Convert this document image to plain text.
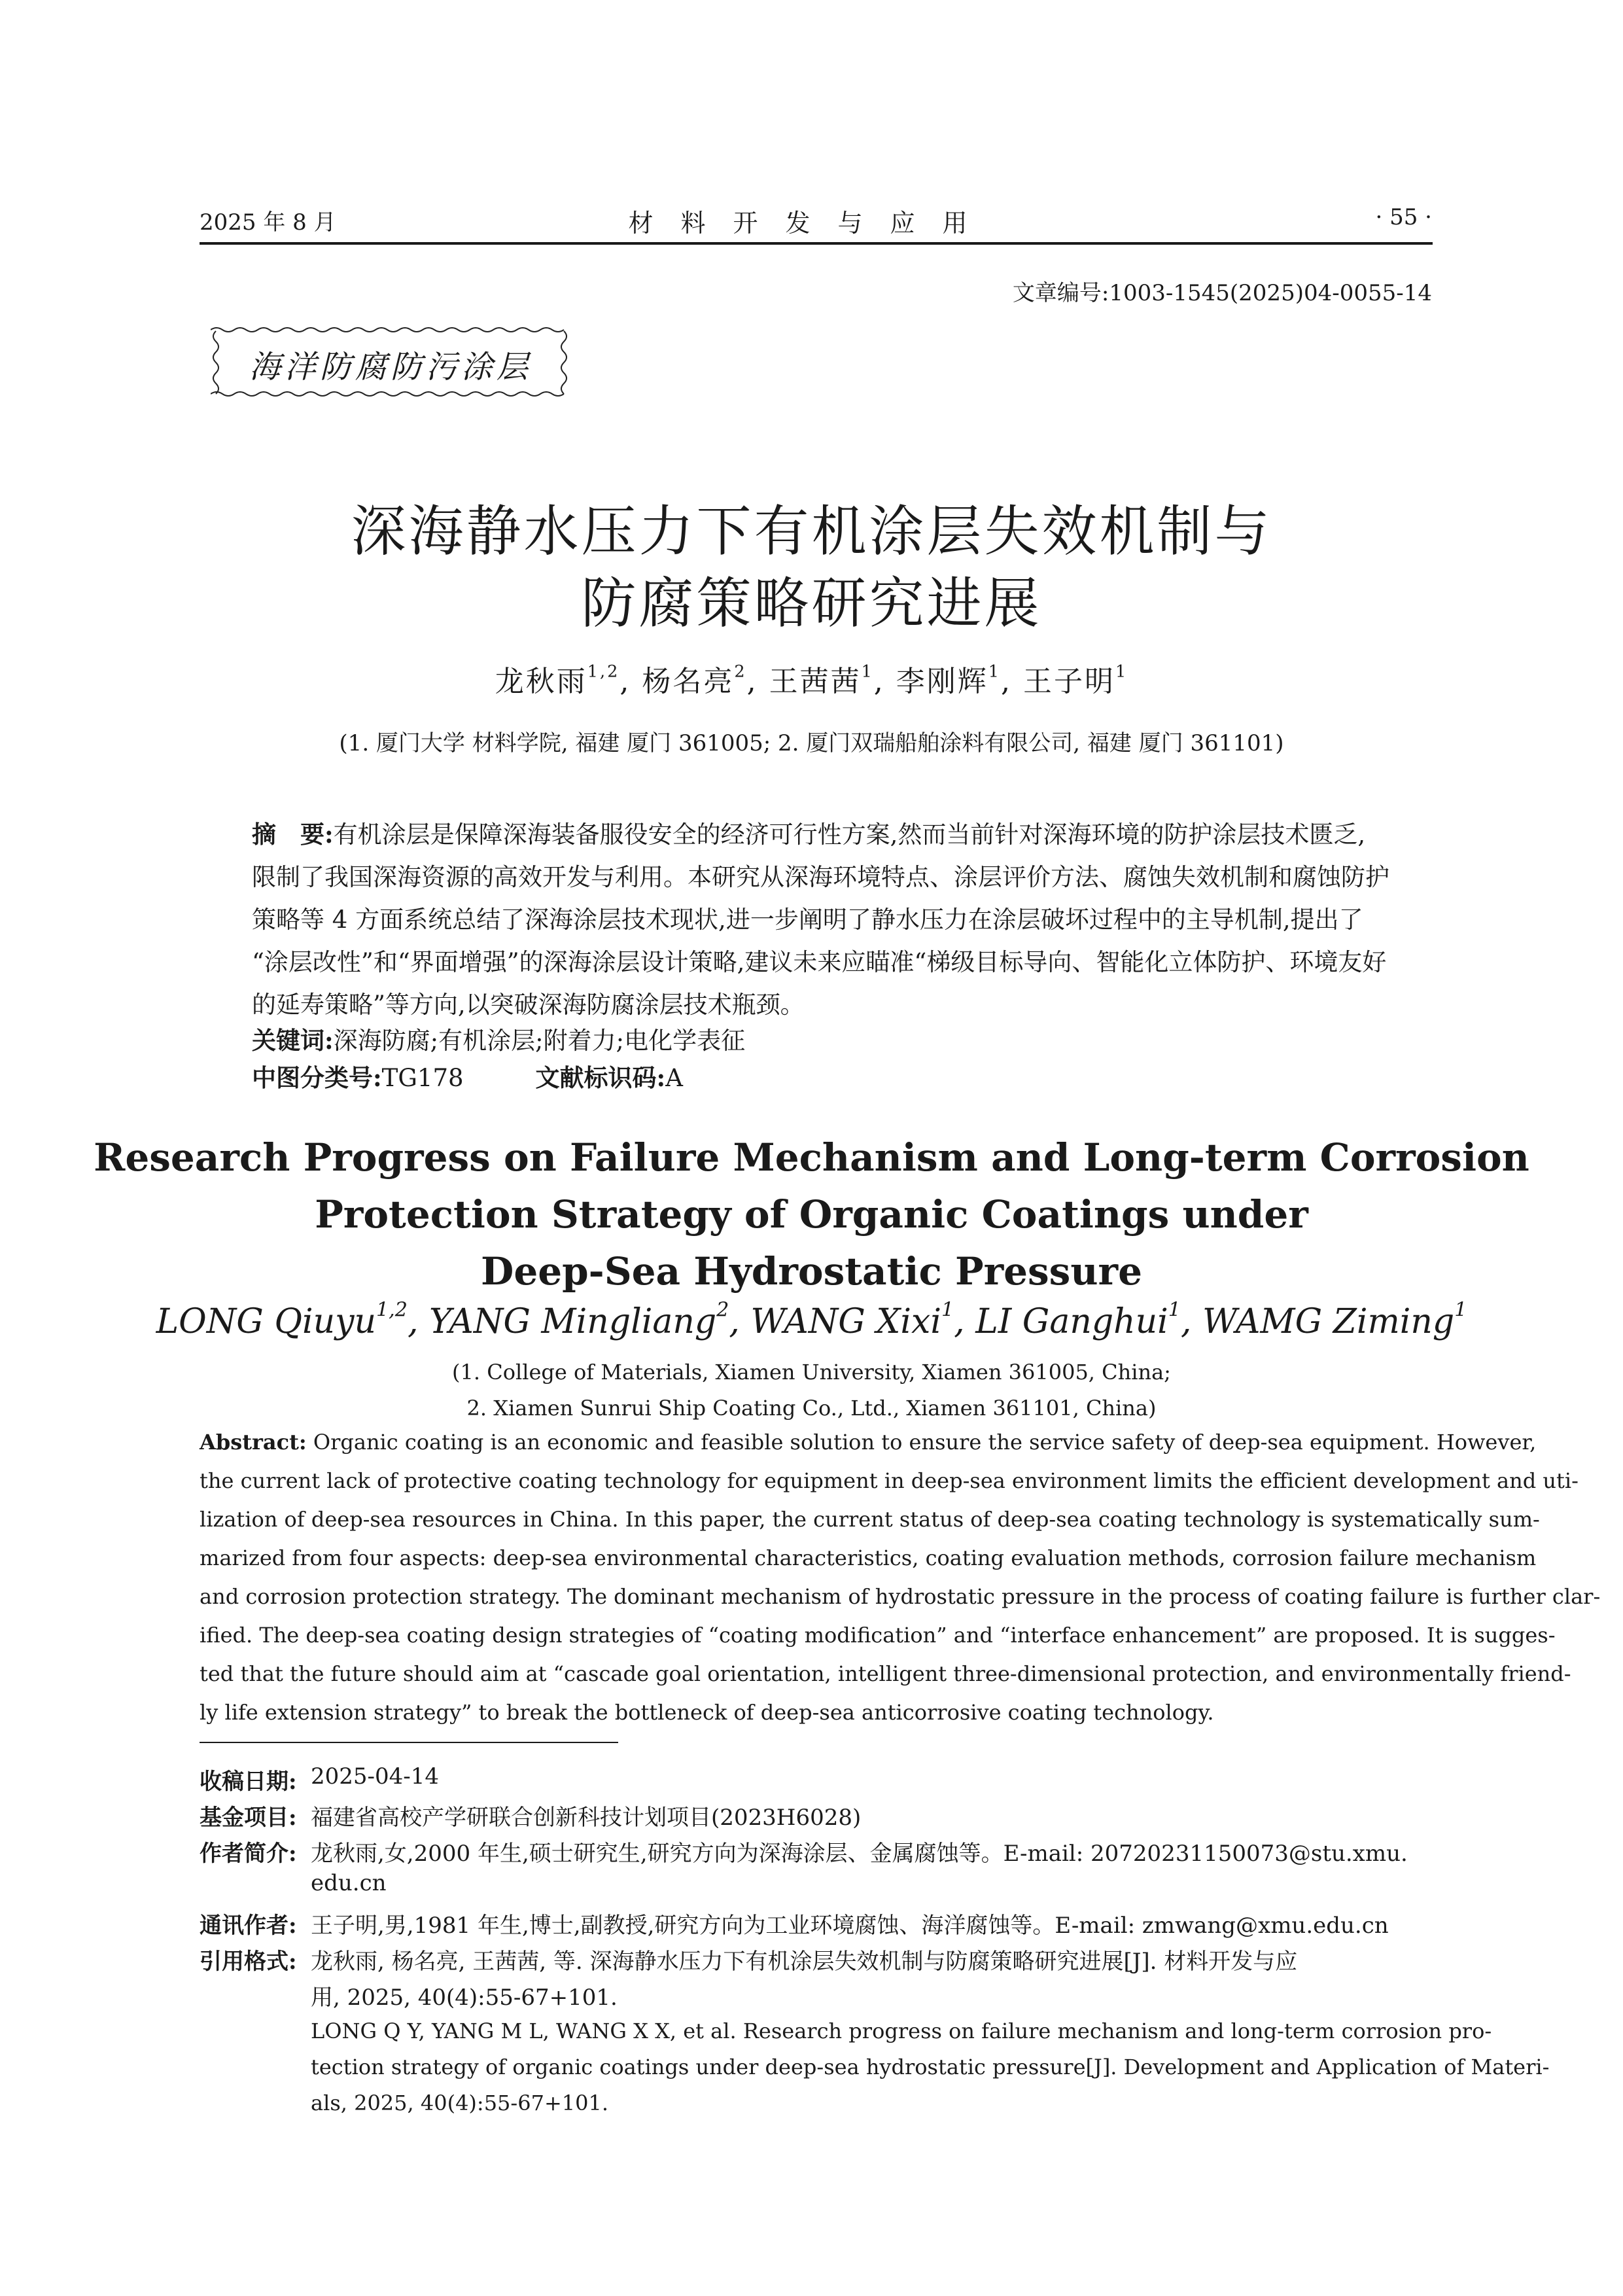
2025 年 8 月	材料开发与应用	· 55 ·
文章编号:1003-1545(2025)04-0055-14
海洋防腐防污涂层
深海静水压力下有机涂层失效机制与
防腐策略研究进展
龙秋雨$^{1,2}$, 杨名亮$^2$, 王茜茜$^1$, 李刚辉$^1$, 王子明$^1$
(1. 厦门大学 材料学院, 福建 厦门 361005; 2. 厦门双瑞船舶涂料有限公司, 福建 厦门 361101)
摘　要:有机涂层是保障深海装备服役安全的经济可行性方案,然而当前针对深海环境的防护涂层技术匮乏,
限制了我国深海资源的高效开发与利用。本研究从深海环境特点、涂层评价方法、腐蚀失效机制和腐蚀防护
策略等 4 方面系统总结了深海涂层技术现状,进一步阐明了静水压力在涂层破坏过程中的主导机制,提出了
“涂层改性”和“界面增强”的深海涂层设计策略,建议未来应瞄准“梯级目标导向、智能化立体防护、环境友好
的延寿策略”等方向,以突破深海防腐涂层技术瓶颈。
关键词:深海防腐;有机涂层;附着力;电化学表征
中图分类号:TG178	文献标识码:A
Research Progress on Failure Mechanism and Long-term Corrosion
Protection Strategy of Organic Coatings under
Deep-Sea Hydrostatic Pressure
LONG Qiuyu$^{1,2}$, YANG Mingliang$^2$, WANG Xixi$^1$, LI Ganghui$^1$, WAMG Ziming$^1$
(1. College of Materials, Xiamen University, Xiamen 361005, China;
2. Xiamen Sunrui Ship Coating Co., Ltd., Xiamen 361101, China)
Abstract: Organic coating is an economic and feasible solution to ensure the service safety of deep-sea equipment. However,
the current lack of protective coating technology for equipment in deep-sea environment limits the efficient development and uti-
lization of deep-sea resources in China. In this paper, the current status of deep-sea coating technology is systematically sum-
marized from four aspects: deep-sea environmental characteristics, coating evaluation methods, corrosion failure mechanism
and corrosion protection strategy. The dominant mechanism of hydrostatic pressure in the process of coating failure is further clar-
ified. The deep-sea coating design strategies of “coating modification” and “interface enhancement” are proposed. It is sugges-
ted that the future should aim at “cascade goal orientation, intelligent three-dimensional protection, and environmentally friend-
ly life extension strategy” to break the bottleneck of deep-sea anticorrosive coating technology.
收稿日期: 2025-04-14
基金项目: 福建省高校产学研联合创新科技计划项目(2023H6028)
作者简介: 龙秋雨,女,2000 年生,硕士研究生,研究方向为深海涂层、金属腐蚀等。E-mail: 20720231150073@stu.xmu.
edu.cn
通讯作者: 王子明,男,1981 年生,博士,副教授,研究方向为工业环境腐蚀、海洋腐蚀等。E-mail: zmwang@xmu.edu.cn
引用格式: 龙秋雨, 杨名亮, 王茜茜, 等. 深海静水压力下有机涂层失效机制与防腐策略研究进展[J]. 材料开发与应
用, 2025, 40(4):55-67+101.
LONG Q Y, YANG M L, WANG X X, et al. Research progress on failure mechanism and long-term corrosion pro-
tection strategy of organic coatings under deep-sea hydrostatic pressure[J]. Development and Application of Materi-
als, 2025, 40(4):55-67+101.
